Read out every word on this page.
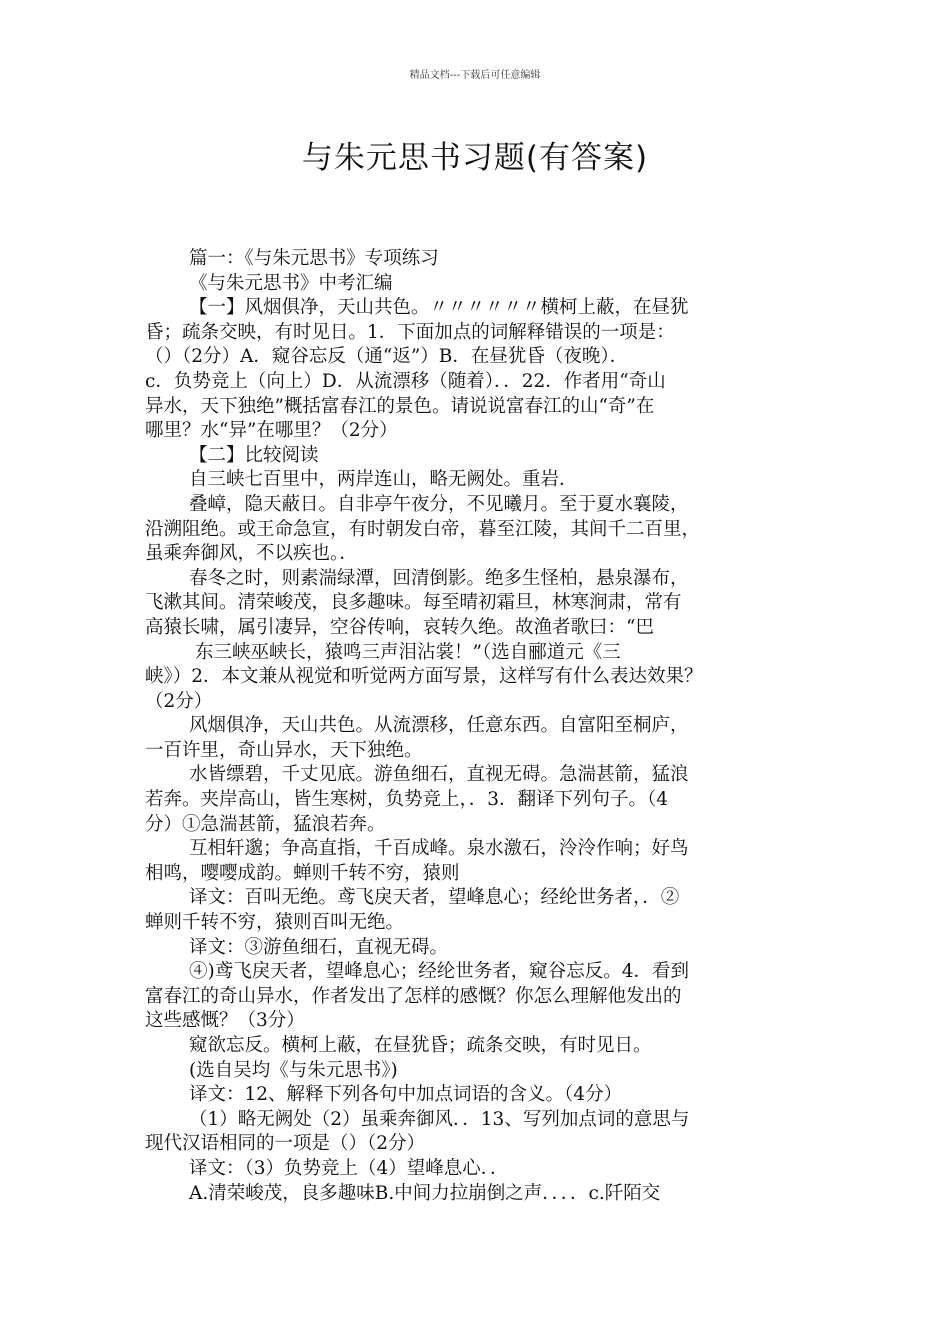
精品文档---下载后可任意编辑
与朱元思书习题(有答案)
篇一：《与朱元思书》专项练习
《与朱元思书》中考汇编
【一】风烟俱净，天山共色。〃〃〃〃〃〃横柯上蔽，在昼犹
昏；疏条交映，有时见日。1．下面加点的词解释错误的一项是：
（）（2分）A．窥谷忘反（通“返”）B．在昼犹昏（夜晚）．
c．负势竞上（向上）D．从流漂移（随着）．．22．作者用“奇山
异水，天下独绝”概括富春江的景色。请说说富春江的山“奇”在
哪里？水“异”在哪里？（2分）
【二】比较阅读
自三峡七百里中，两岸连山，略无阙处。重岩．
叠嶂，隐天蔽日。自非亭午夜分，不见曦月。至于夏水襄陵，
沿溯阻绝。或王命急宣，有时朝发白帝，暮至江陵，其间千二百里，
虽乘奔御风，不以疾也。．
春冬之时，则素湍绿潭，回清倒影。绝多生怪柏，悬泉瀑布，
飞漱其间。清荣峻茂，良多趣味。每至晴初霜旦，林寒涧肃，常有
高猿长啸，属引凄异，空谷传响，哀转久绝。故渔者歌曰：“巴
东三峡巫峡长，猿鸣三声泪沾裳！”（选自郦道元《三
峡》）2．本文兼从视觉和听觉两方面写景，这样写有什么表达效果？
（2分）
风烟俱净，天山共色。从流漂移，任意东西。自富阳至桐庐，
一百许里，奇山异水，天下独绝。
水皆缥碧，千丈见底。游鱼细石，直视无碍。急湍甚箭，猛浪
若奔。夹岸高山，皆生寒树，负势竞上，．3．翻译下列句子。（4
分）①急湍甚箭，猛浪若奔。
互相轩邈；争高直指，千百成峰。泉水激石，泠泠作响；好鸟
相鸣，嘤嘤成韵。蝉则千转不穷，猿则
译文：百叫无绝。鸢飞戾天者，望峰息心；经纶世务者，．②
蝉则千转不穷，猿则百叫无绝。
译文：③游鱼细石，直视无碍。
④)鸢飞戾天者，望峰息心；经纶世务者，窥谷忘反。4．看到
富春江的奇山异水，作者发出了怎样的感慨？你怎么理解他发出的
这些感慨？（3分）
窥欲忘反。横柯上蔽，在昼犹昏；疏条交映，有时见日。
(选自吴均《与朱元思书》)
译文：12、解释下列各句中加点词语的含义。（4分）
（1）略无阙处（2）虽乘奔御风．．13、写列加点词的意思与
现代汉语相同的一项是（）（2分）
译文：（3）负势竞上（4）望峰息心．．
A.清荣峻茂，良多趣味B.中间力拉崩倒之声．．．．c.阡陌交
